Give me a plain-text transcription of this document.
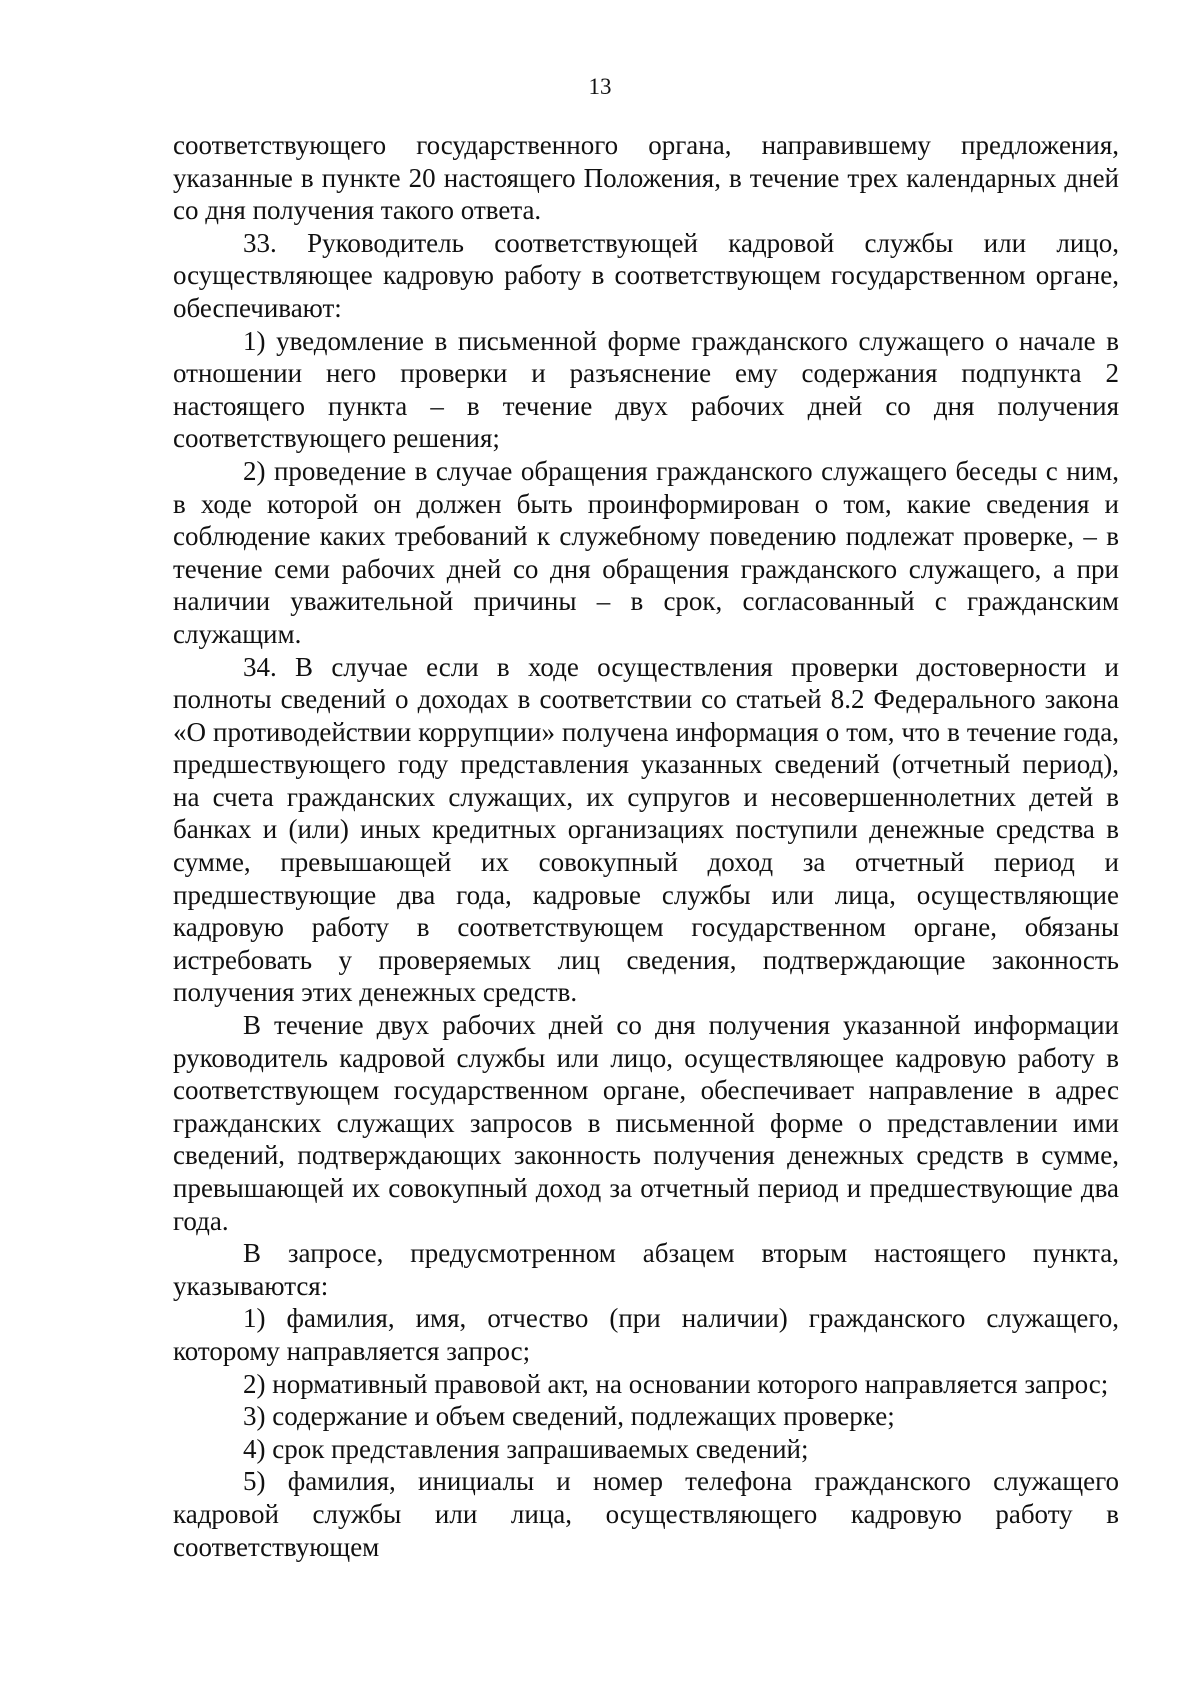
13

соответствующего государственного органа, направившему предложения, указанные в пункте 20 настоящего Положения, в течение трех календарных дней со дня получения такого ответа.

33. Руководитель соответствующей кадровой службы или лицо, осуществляющее кадровую работу в соответствующем государственном органе, обеспечивают:

1) уведомление в письменной форме гражданского служащего о начале в отношении него проверки и разъяснение ему содержания подпункта 2 настоящего пункта – в течение двух рабочих дней со дня получения соответствующего решения;

2) проведение в случае обращения гражданского служащего беседы с ним, в ходе которой он должен быть проинформирован о том, какие сведения и соблюдение каких требований к служебному поведению подлежат проверке, – в течение семи рабочих дней со дня обращения гражданского служащего, а при наличии уважительной причины – в срок, согласованный с гражданским служащим.

34. В случае если в ходе осуществления проверки достоверности и полноты сведений о доходах в соответствии со статьей 8.2 Федерального закона «О противодействии коррупции» получена информация о том, что в течение года, предшествующего году представления указанных сведений (отчетный период), на счета гражданских служащих, их супругов и несовершеннолетних детей в банках и (или) иных кредитных организациях поступили денежные средства в сумме, превышающей их совокупный доход за отчетный период и предшествующие два года, кадровые службы или лица, осуществляющие кадровую работу в соответствующем государственном органе, обязаны истребовать у проверяемых лиц сведения, подтверждающие законность получения этих денежных средств.

В течение двух рабочих дней со дня получения указанной информации руководитель кадровой службы или лицо, осуществляющее кадровую работу в соответствующем государственном органе, обеспечивает направление в адрес гражданских служащих запросов в письменной форме о представлении ими сведений, подтверждающих законность получения денежных средств в сумме, превышающей их совокупный доход за отчетный период и предшествующие два года.

В запросе, предусмотренном абзацем вторым настоящего пункта, указываются:

1) фамилия, имя, отчество (при наличии) гражданского служащего, которому направляется запрос;

2) нормативный правовой акт, на основании которого направляется запрос;

3) содержание и объем сведений, подлежащих проверке;

4) срок представления запрашиваемых сведений;

5) фамилия, инициалы и номер телефона гражданского служащего кадровой службы или лица, осуществляющего кадровую работу в соответствующем
